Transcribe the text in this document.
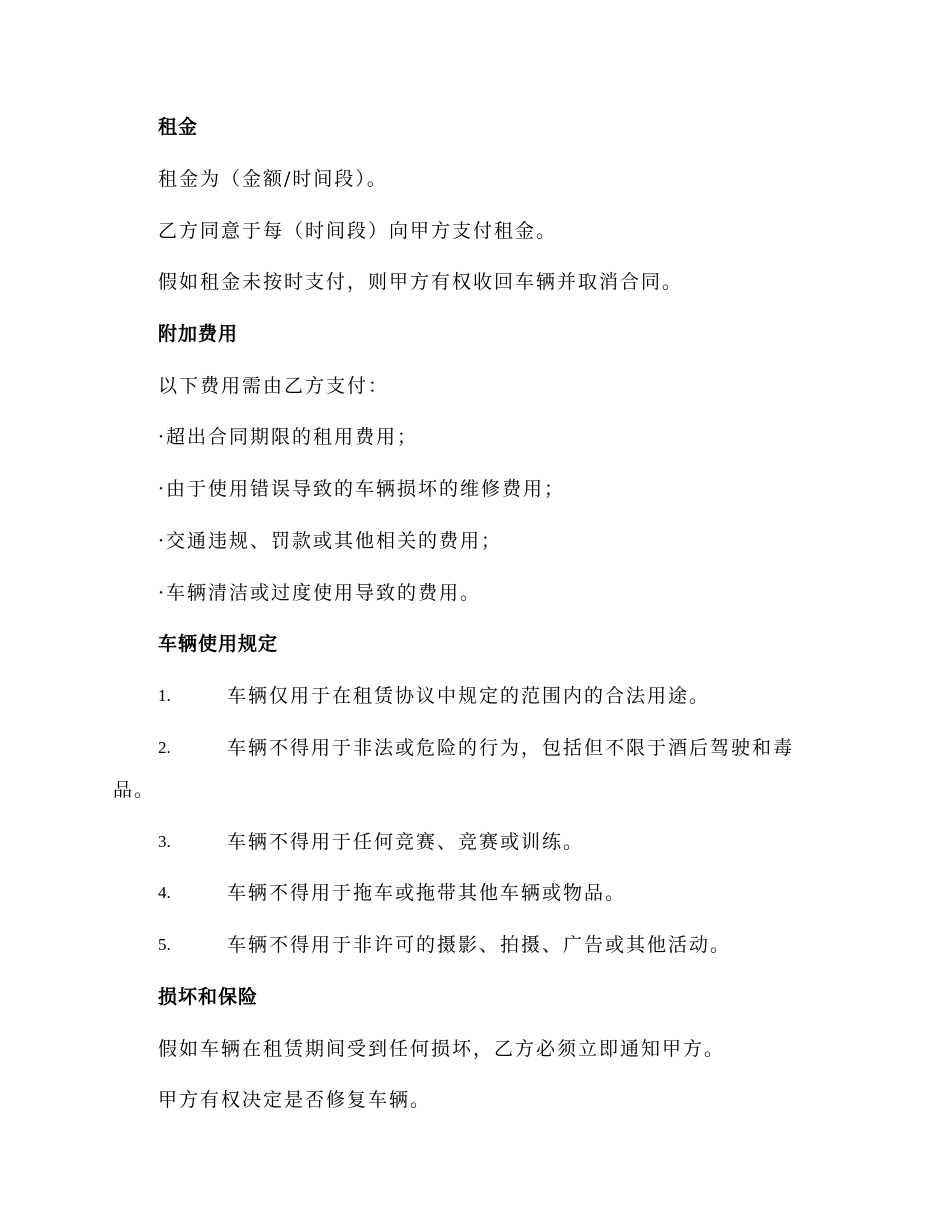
租金
租金为（金额/时间段）。
乙方同意于每（时间段）向甲方支付租金。
假如租金未按时支付，则甲方有权收回车辆并取消合同。
附加费用
以下费用需由乙方支付：
·超出合同期限的租用费用；
·由于使用错误导致的车辆损坏的维修费用；
·交通违规、罚款或其他相关的费用；
·车辆清洁或过度使用导致的费用。
车辆使用规定
1.	车辆仅用于在租赁协议中规定的范围内的合法用途。
2.	车辆不得用于非法或危险的行为，包括但不限于酒后驾驶和毒
品。
3.	车辆不得用于任何竞赛、竞赛或训练。
4.	车辆不得用于拖车或拖带其他车辆或物品。
5.	车辆不得用于非许可的摄影、拍摄、广告或其他活动。
损坏和保险
假如车辆在租赁期间受到任何损坏，乙方必须立即通知甲方。
甲方有权决定是否修复车辆。
